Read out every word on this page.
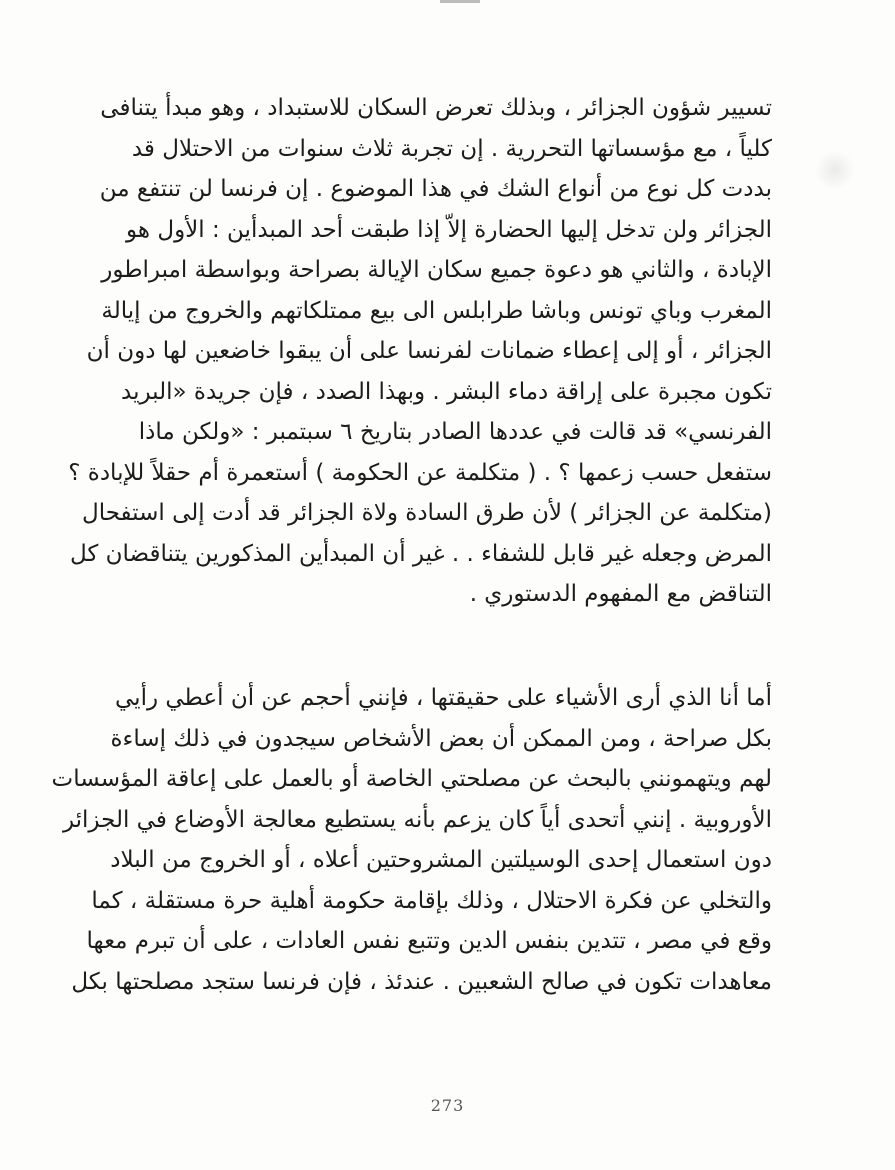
تسيير شؤون الجزائر ، وبذلك تعرض السكان للاستبداد ، وهو مبدأ يتنافى
كلياً ، مع مؤسساتها التحررية . إن تجربة ثلاث سنوات من الاحتلال قد
بددت كل نوع من أنواع الشك في هذا الموضوع . إن فرنسا لن تنتفع من
الجزائر ولن تدخل إليها الحضارة إلاّ إذا طبقت أحد المبدأين : الأول هو
الإبادة ، والثاني هو دعوة جميع سكان الإيالة بصراحة وبواسطة امبراطور
المغرب وباي تونس وباشا طرابلس الى بيع ممتلكاتهم والخروج من إيالة
الجزائر ، أو إلى إعطاء ضمانات لفرنسا على أن يبقوا خاضعين لها دون أن
تكون مجبرة على إراقة دماء البشر . وبهذا الصدد ، فإن جريدة «البريد
الفرنسي» قد قالت في عددها الصادر بتاريخ ٦ سبتمبر : «ولكن ماذا
ستفعل حسب زعمها ؟ . ( متكلمة عن الحكومة ) أستعمرة أم حقلاً للإبادة ؟
(متكلمة عن الجزائر ) لأن طرق السادة ولاة الجزائر قد أدت إلى استفحال
المرض وجعله غير قابل للشفاء . . غير أن المبدأين المذكورين يتناقضان كل
التناقض مع المفهوم الدستوري .
أما أنا الذي أرى الأشياء على حقيقتها ، فإنني أحجم عن أن أعطي رأيي
بكل صراحة ، ومن الممكن أن بعض الأشخاص سيجدون في ذلك إساءة
لهم ويتهمونني بالبحث عن مصلحتي الخاصة أو بالعمل على إعاقة المؤسسات
الأوروبية . إنني أتحدى أياً كان يزعم بأنه يستطيع معالجة الأوضاع في الجزائر
دون استعمال إحدى الوسيلتين المشروحتين أعلاه ، أو الخروج من البلاد
والتخلي عن فكرة الاحتلال ، وذلك بإقامة حكومة أهلية حرة مستقلة ، كما
وقع في مصر ، تتدين بنفس الدين وتتبع نفس العادات ، على أن تبرم معها
معاهدات تكون في صالح الشعبين . عندئذ ، فإن فرنسا ستجد مصلحتها بكل
273
